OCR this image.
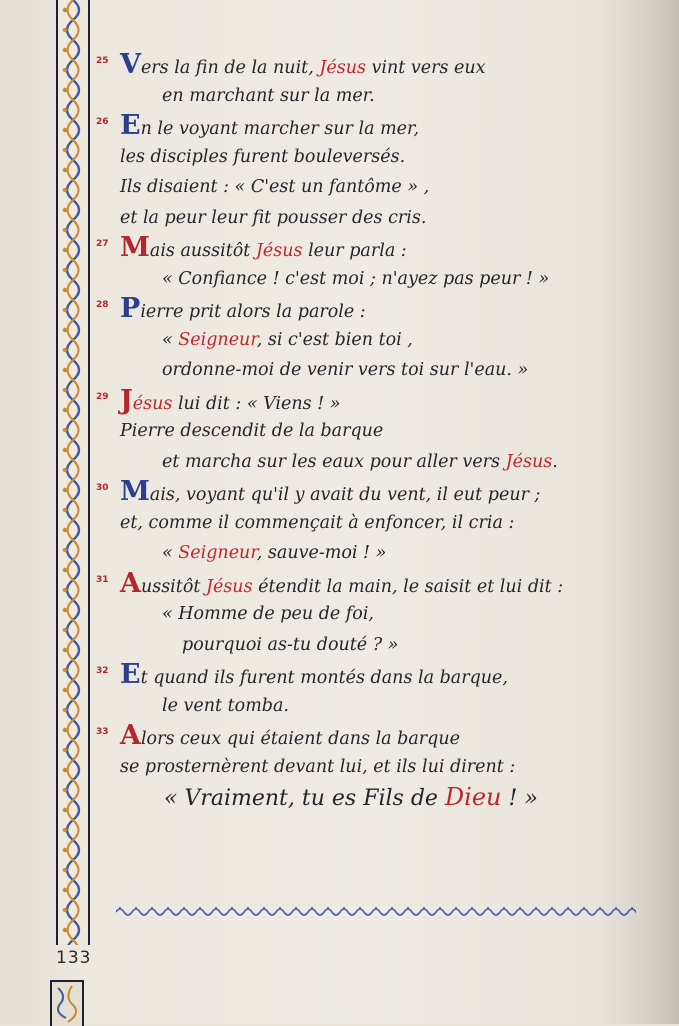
133
25 Vers la fin de la nuit, Jésus vint vers eux
en marchant sur la mer.
26 En le voyant marcher sur la mer,
les disciples furent bouleversés.
Ils disaient : « C'est un fantôme » ,
et la peur leur fit pousser des cris.
27 Mais aussitôt Jésus leur parla :
« Confiance ! c'est moi ; n'ayez pas peur ! »
28 Pierre prit alors la parole :
« Seigneur, si c'est bien toi ,
ordonne-moi de venir vers toi sur l'eau. »
29 Jésus lui dit : « Viens ! »
Pierre descendit de la barque
et marcha sur les eaux pour aller vers Jésus.
30 Mais, voyant qu'il y avait du vent, il eut peur ;
et, comme il commençait à enfoncer, il cria :
« Seigneur, sauve-moi ! »
31 Aussitôt Jésus étendit la main, le saisit et lui dit :
« Homme de peu de foi,
pourquoi as-tu douté ? »
32 Et quand ils furent montés dans la barque,
le vent tomba.
33 Alors ceux qui étaient dans la barque
se prosternèrent devant lui, et ils lui dirent :
« Vraiment, tu es Fils de Dieu ! »
